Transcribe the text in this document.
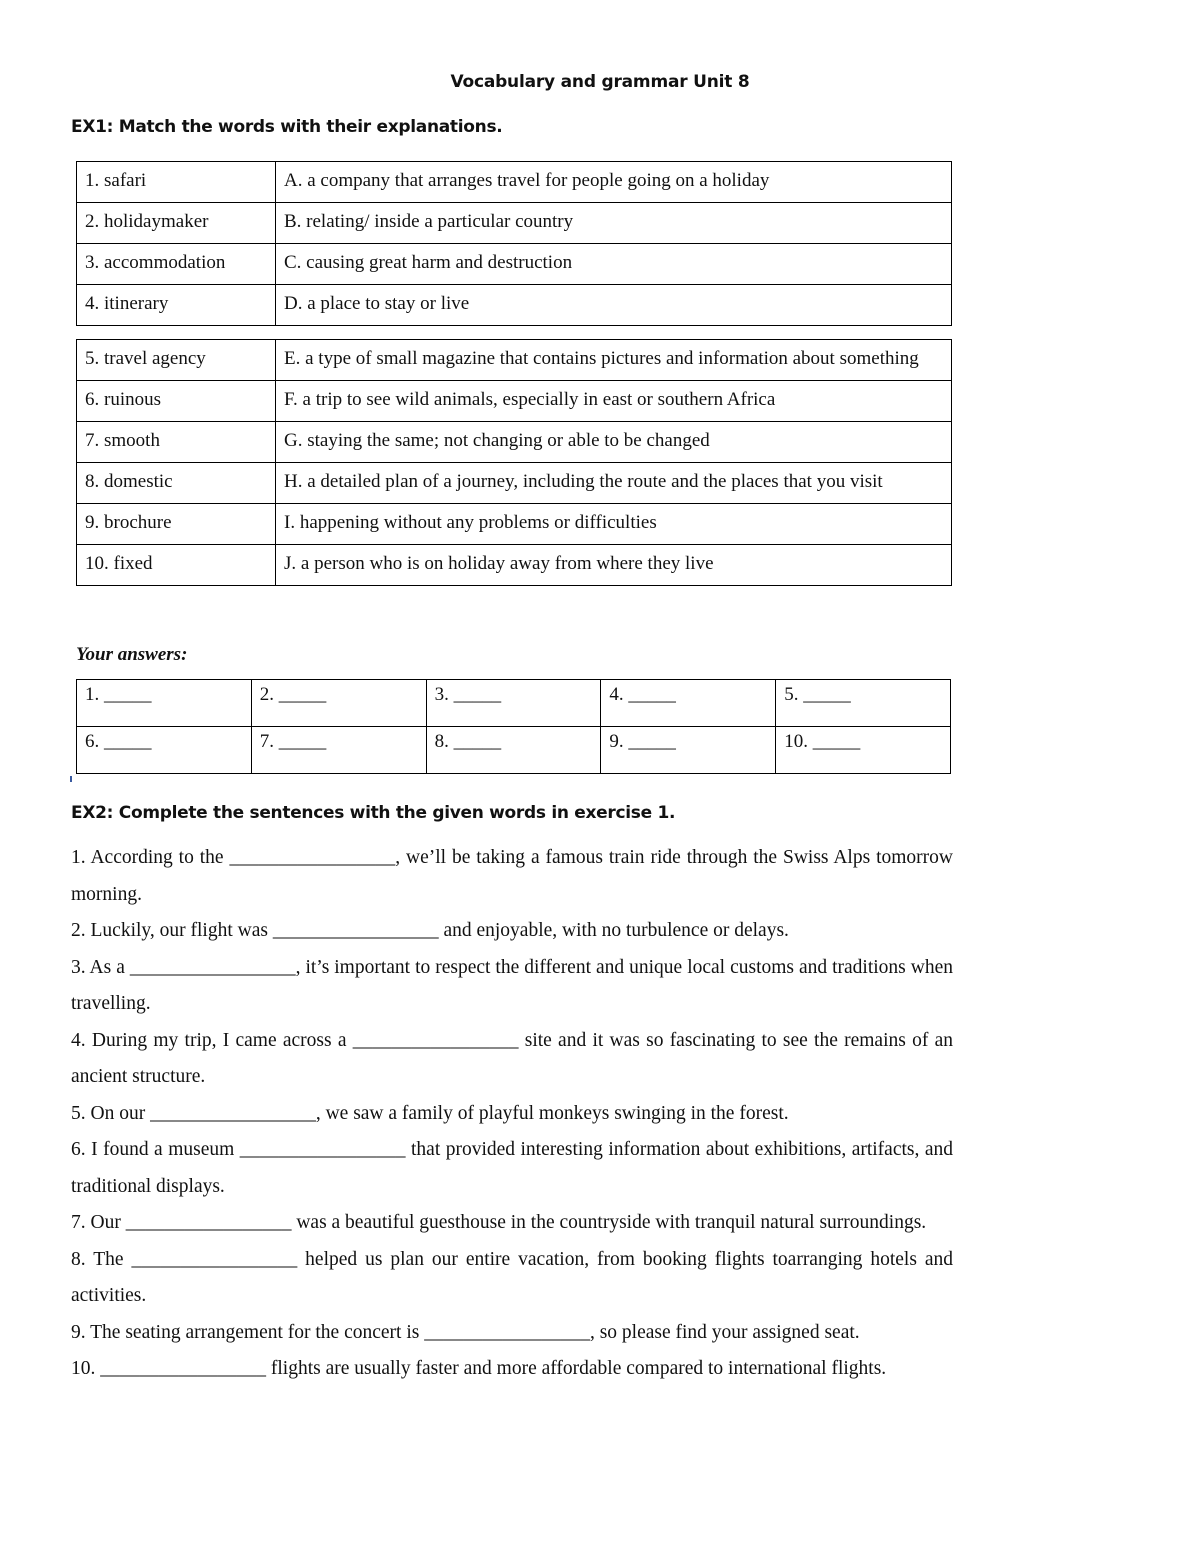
Vocabulary and grammar Unit 8
EX1: Match the words with their explanations.
1. safari	A. a company that arranges travel for people going on a holiday
2. holidaymaker	B. relating/ inside a particular country
3. accommodation	C. causing great harm and destruction
4. itinerary	D. a place to stay or live
5. travel agency	E. a type of small magazine that contains pictures and information about something
6. ruinous	F. a trip to see wild animals, especially in east or southern Africa
7. smooth	G. staying the same; not changing or able to be changed
8. domestic	H. a detailed plan of a journey, including the route and the places that you visit
9. brochure	I. happening without any problems or difficulties
10. fixed	J. a person who is on holiday away from where they live
Your answers:
1. _____	2. _____	3. _____	4. _____	5. _____
6. _____	7. _____	8. _____	9. _____	10. _____
EX2: Complete the sentences with the given words in exercise 1.

1. According to the _________________, we’ll be taking a famous train ride through the Swiss Alps tomorrow morning.

2. Luckily, our flight was _________________ and enjoyable, with no turbulence or delays.

3. As a _________________, it’s important to respect the different and unique local customs and traditions when travelling.

4. During my trip, I came across a _________________ site and it was so fascinating to see the remains of an ancient structure.

5. On our _________________, we saw a family of playful monkeys swinging in the forest.

6. I found a museum _________________ that provided interesting information about exhibitions, artifacts, and traditional displays.

7. Our _________________ was a beautiful guesthouse in the countryside with tranquil natural surroundings.

8. The _________________ helped us plan our entire vacation, from booking flights toarranging hotels and activities.

9. The seating arrangement for the concert is _________________, so please find your assigned seat.

10. _________________ flights are usually faster and more affordable compared to international flights.
